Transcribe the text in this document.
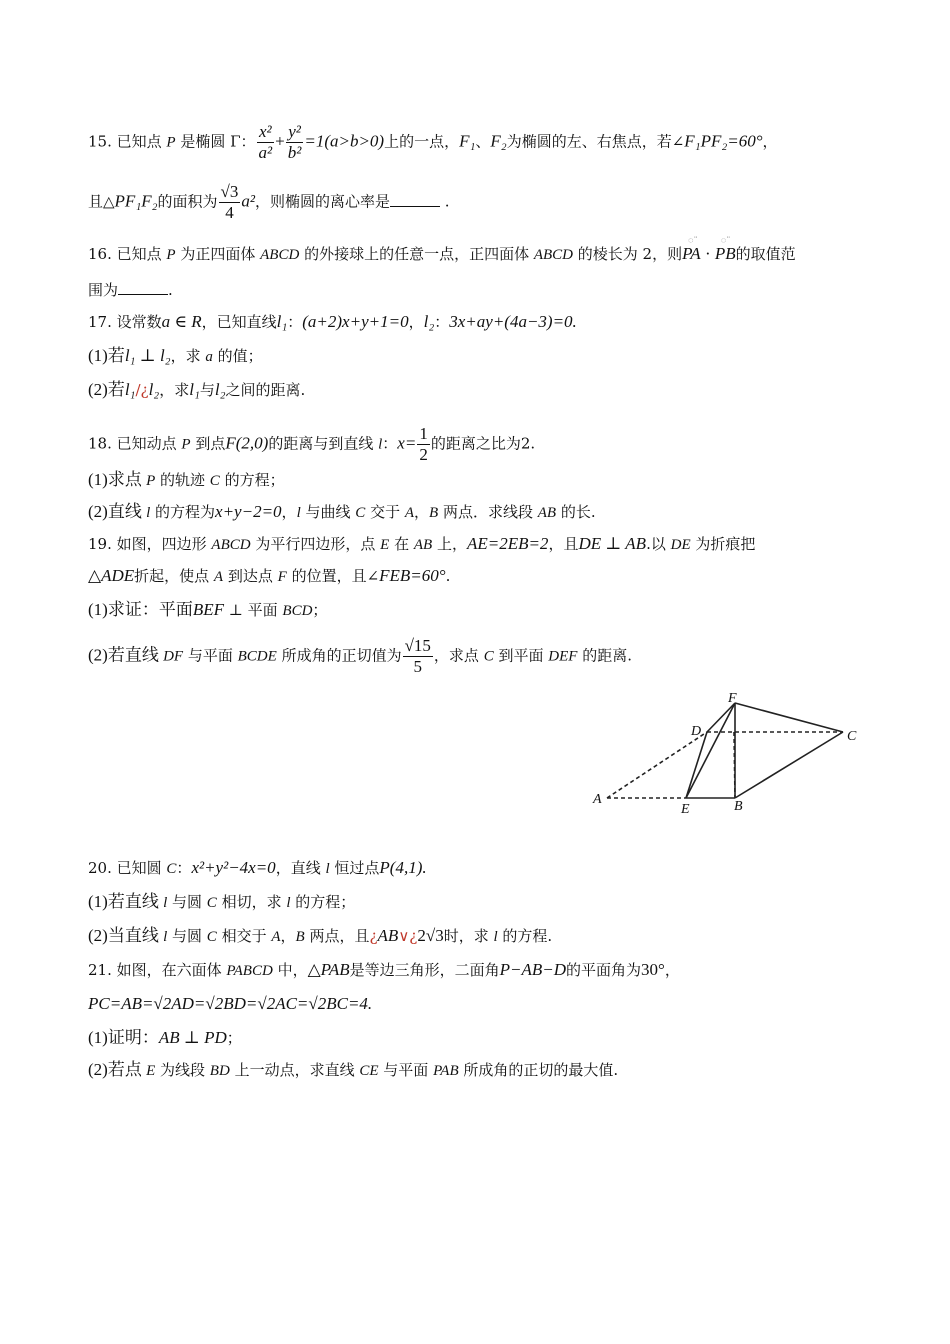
15. 已知点 P 是椭圆 Γ： $\frac{\text{x²}}{\text{a²}} + \frac{\text{y²}}{\text{b²}} =1(a>b>0)$上的一点，F₁、F₂为椭圆的左、右焦点，若∠F₁PF₂=60°，
且△PF₁F₂的面积为 $\frac{√3}{4} a^2$，则椭圆的离心率是	.
16. 已知点 P 为正四面体 ABCD 的外接球上的任意一点，正四面体 ABCD 的棱长为 2，则◌̈ PA · ◌̈ PB的取值范
围为	.
17. 设常数a ∈ R，已知直线l₁：(a+2)x+y+1=0，l₂：3x+ay+(4a−3)=0.
(1)若l₁ ⊥ l₂，求 a 的值；
(2)若l₁/¿l₂，求l₁与l₂之间的距离.
18. 已知动点 P 到点F(2,0)的距离与到直线 l：$x= \frac{1}{2}$ 的距离之比为2.
(1)求点 P 的轨迹 C 的方程；
(2)直线 l 的方程为x+y−2=0，l 与曲线 C 交于 A，B 两点．求线段 AB 的长.
19. 如图，四边形 ABCD 为平行四边形，点 E 在 AB 上，AE=2EB=2，且DE ⊥ AB.以 DE 为折痕把
△ADE折起，使点 A 到达点 F 的位置，且∠FEB=60°.
(1)求证：平面BEF ⊥ 平面 BCD；
(2)若直线 DF 与平面 BCDE 所成角的正切值为 $\frac{√15}{5}$ ，求点 C 到平面 DEF 的距离.
F
D	C
A
E	B
20. 已知圆 C：x²+y²−4x=0，直线 l 恒过点P(4,1).
(1)若直线 l 与圆 C 相切，求 l 的方程；
(2)当直线 l 与圆 C 相交于 A，B 两点，且¿AB∨¿2√3时，求 l 的方程.
21. 如图，在六面体 PABCD 中，△PAB是等边三角形，二面角P−AB−D的平面角为30°，
PC=AB=√2AD=√2BD=√2AC=√2BC=4.
(1)证明：AB ⊥ PD；
(2)若点 E 为线段 BD 上一动点，求直线 CE 与平面 PAB 所成角的正切的最大值.
